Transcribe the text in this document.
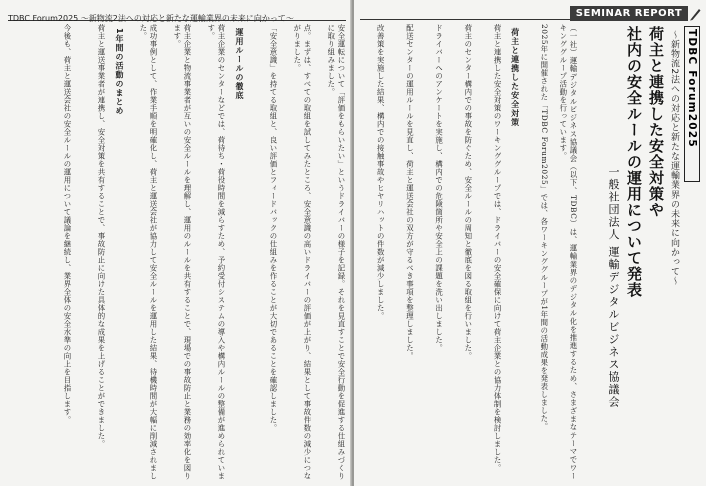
TDBC Forum2025 ～新物流2法への対応と新たな運輸業界の未来に向かって～
安全運転について「評価をもらいたい」というドライバーの様子を記録。それを見直すことで安全行動を促進する仕組みづくりに取り組みました。
点。まずは、すべての取組を試してみたところ、安全意識の高いドライバーの評価が上がり、結果として事故件数の減少につながりました。
「安全意識」を持てる取組と、良い評価とフィードバックの仕組みを作ることが大切であることを確認しました。
運用ルールの徹底
荷主企業のセンターなどでは、荷待ち・荷役時間を減らすため、予約受付システムの導入や構内ルールの整備が進められています。
荷主企業と物流事業者が互いの安全ルールを理解し、運用のルールを共有することで、現場での事故防止と業務の効率化を図ります。
成功事例として、作業手順を明確化し、荷主と運送会社が協力して安全ルールを運用した結果、待機時間が大幅に削減されました。
1年間の活動のまとめ
荷主と運送事業者が連携し、安全対策を共有することで、事故防止に向けた具体的な成果を上げることができました。
今後も、荷主と運送会社の安全ルールの運用について議論を継続し、業界全体の安全水準の向上を目指します。
SEMINAR REPORT
TDBC Forum2025
～新物流2法への対応と新たな運輸業界の未来に向かって～
荷主と連携した安全対策や
社内の安全ルールの運用について発表
一般社団法人 運輸デジタルビジネス協議会
（一社）運輸デジタルビジネス協議会（以下、TDBC）は、運輸業界のデジタル化を推進するため、さまざまなテーマでワーキンググループ活動を行っています。
2025年に開催された「TDBC Forum2025」では、各ワーキンググループが1年間の活動成果を発表しました。
荷主と連携した安全対策
荷主と連携した安全対策のワーキンググループでは、ドライバーの安全確保に向けて荷主企業との協力体制を検討しました。
荷主のセンター構内での事故を防ぐため、安全ルールの周知と徹底を図る取組を行いました。
ドライバーへのアンケートを実施し、構内での危険箇所や安全上の課題を洗い出しました。
配送センターの運用ルールを見直し、荷主と運送会社の双方が守るべき事項を整理しました。
改善策を実施した結果、構内での接触事故やヒヤリハットの件数が減少しました。
